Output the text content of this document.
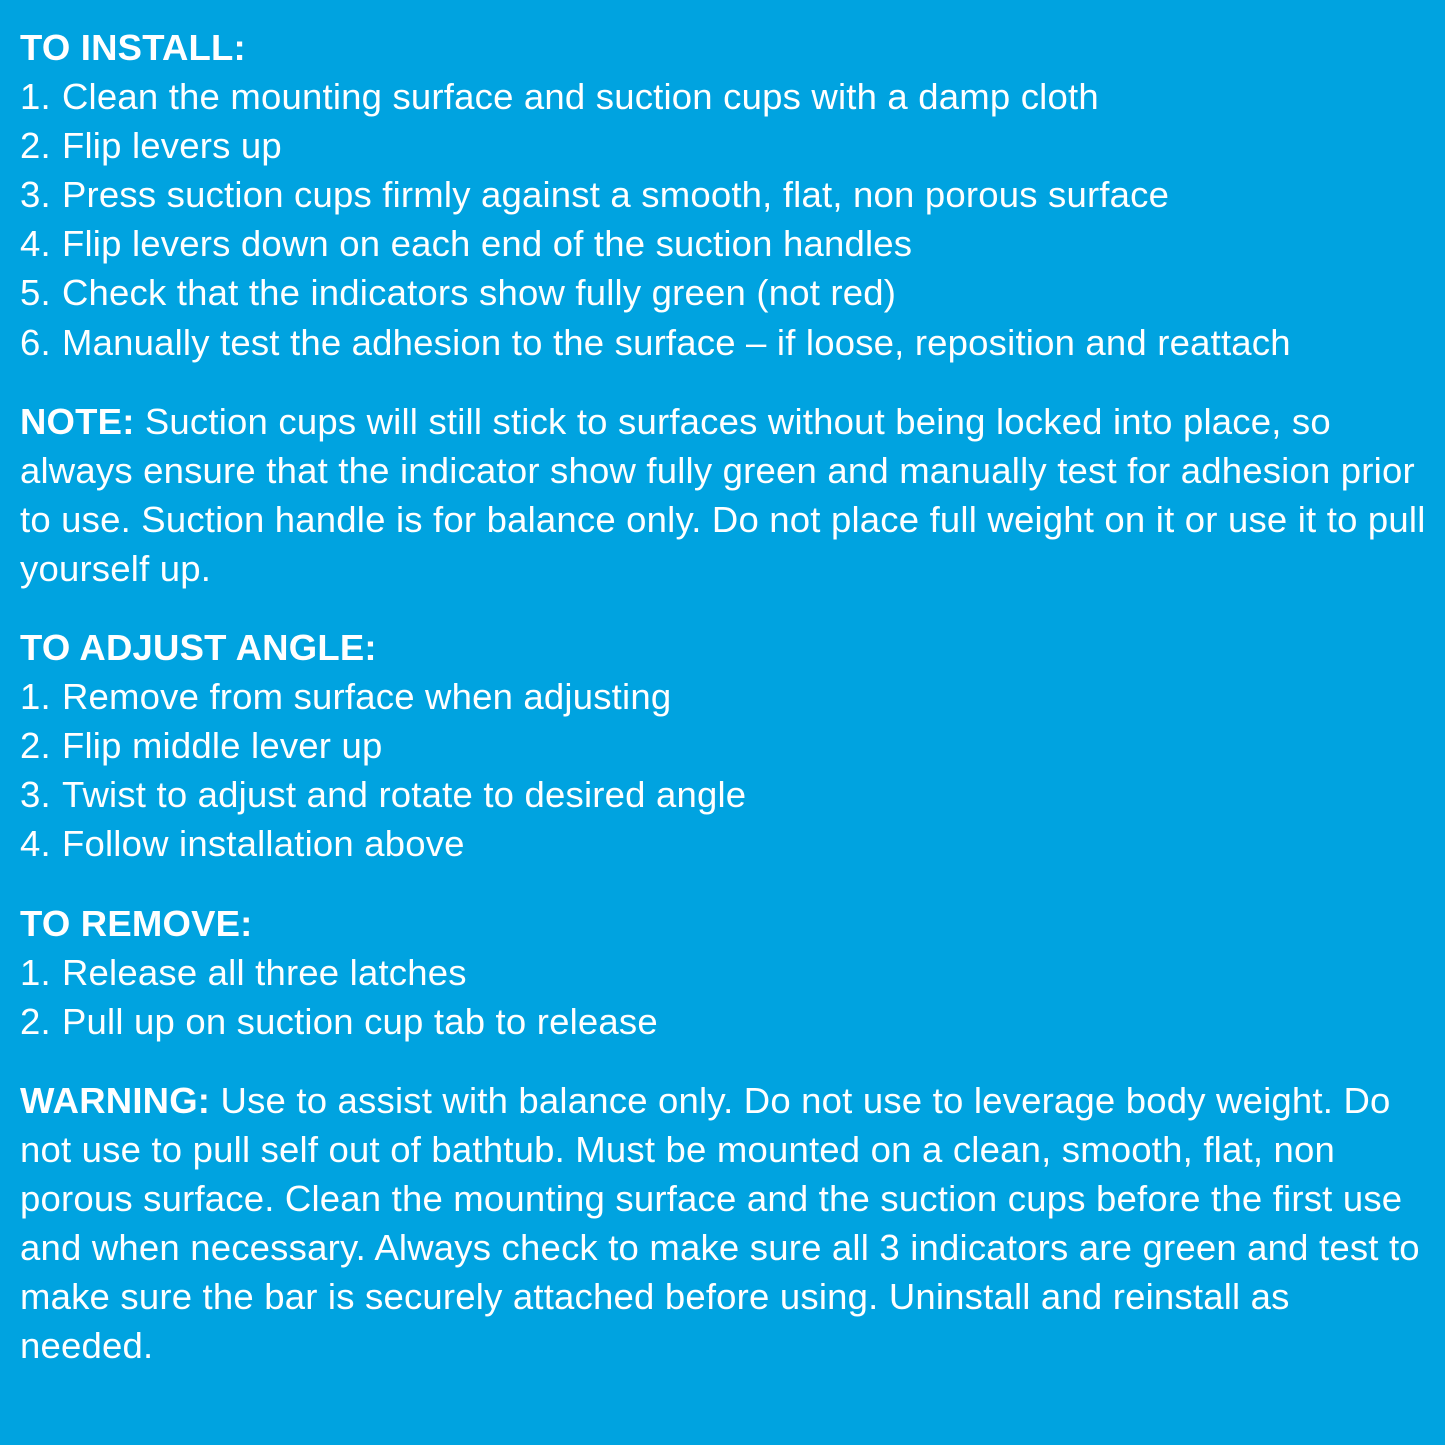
TO INSTALL:

1. Clean the mounting surface and suction cups with a damp cloth
2. Flip levers up
3. Press suction cups firmly against a smooth, flat, non porous surface
4. Flip levers down on each end of the suction handles
5. Check that the indicators show fully green (not red)
6. Manually test the adhesion to the surface – if loose, reposition and reattach

NOTE: Suction cups will still stick to surfaces without being locked into place, so always ensure that the indicator show fully green and manually test for adhesion prior to use. Suction handle is for balance only. Do not place full weight on it or use it to pull yourself up.

TO ADJUST ANGLE:

1. Remove from surface when adjusting
2. Flip middle lever up
3. Twist to adjust and rotate to desired angle
4. Follow installation above

TO REMOVE:

1. Release all three latches
2. Pull up on suction cup tab to release

WARNING: Use to assist with balance only. Do not use to leverage body weight. Do not use to pull self out of bathtub. Must be mounted on a clean, smooth, flat, non porous surface. Clean the mounting surface and the suction cups before the first use and when necessary. Always check to make sure all 3 indicators are green and test to make sure the bar is securely attached before using. Uninstall and reinstall as needed.
